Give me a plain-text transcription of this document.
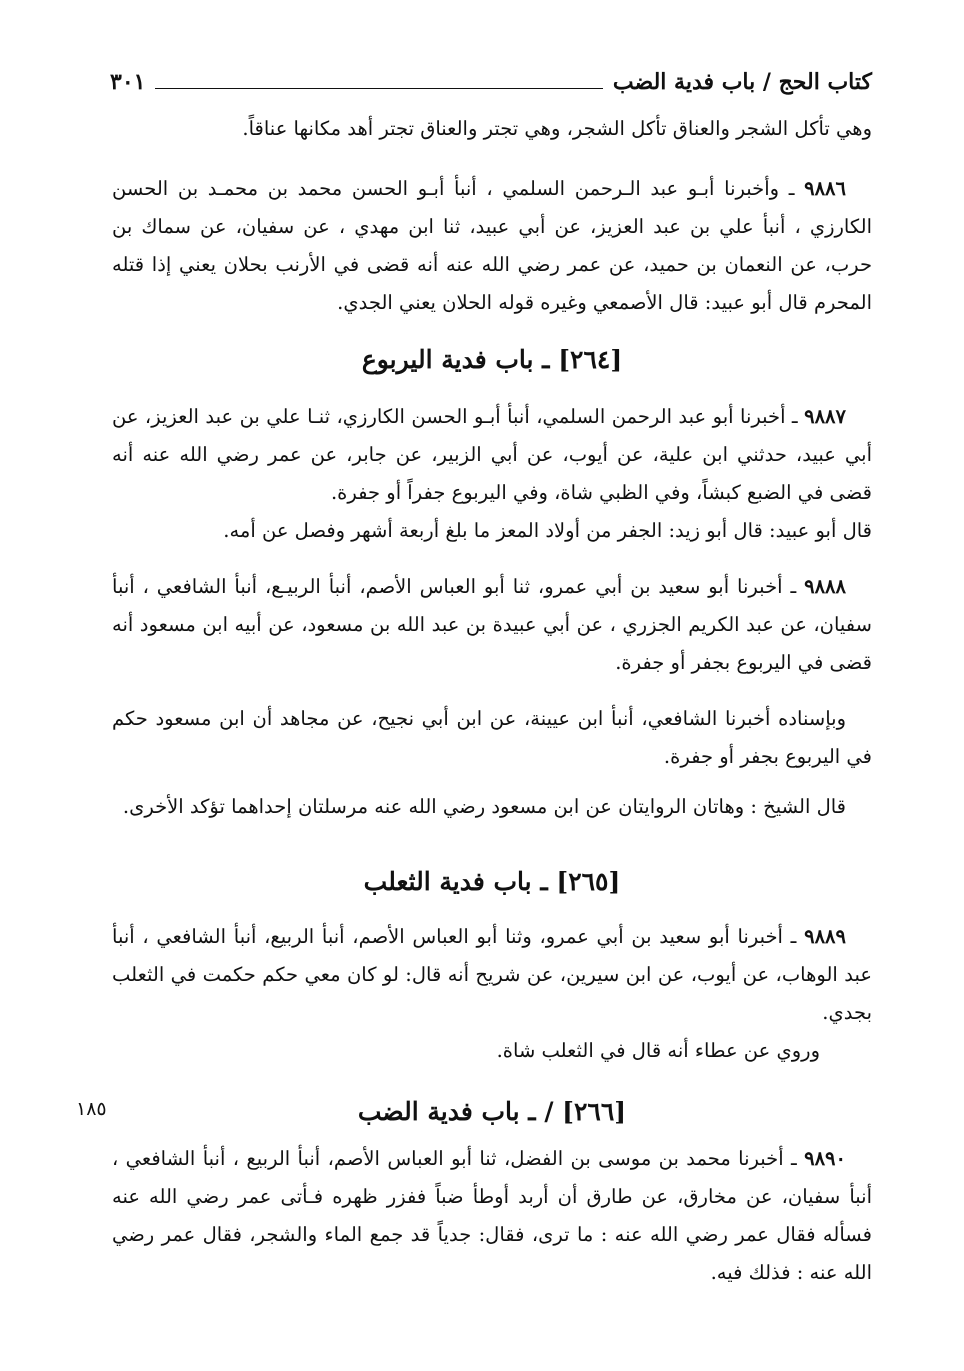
كتاب الحج / باب فدية الضب
٣٠١

وهي تأكل الشجر والعناق تأكل الشجر، وهي تجتر والعناق تجتر أهد مكانها عناقاً.

٩٨٨٦ ـ وأخبرنا أبـو عبد الـرحمن السلمي ، أنبأ أبـو الحسن محمد بن محمـد بن الحسن الكارزي ، أنبأ علي بن عبد العزيز، عن أبي عبيد، ثنا ابن مهدي ، عن سفيان، عن سماك بن حرب، عن النعمان بن حميد، عن عمر رضي الله عنه أنه قضى في الأرنب بحلان يعني إذا قتله المحرم قال أبو عبيد: قال الأصمعي وغيره قوله الحلان يعني الجدي.

[٢٦٤] ـ باب فدية اليربوع

٩٨٨٧ ـ أخبرنا أبو عبد الرحمن السلمي، أنبأ أبـو الحسن الكارزي، ثنـا علي بن عبد العزيز، عن أبي عبيد، حدثني ابن علية، عن أيوب، عن أبي الزبير، عن جابر، عن عمر رضي الله عنه أنه قضى في الضبع كبشاً، وفي الظبي شاة، وفي اليربوع جفراً أو جفرة.

قال أبو عبيد: قال أبو زيد: الجفر من أولاد المعز ما بلغ أربعة أشهر وفصل عن أمه.

٩٨٨٨ ـ أخبرنا أبو سعيد بن أبي عمرو، ثنا أبو العباس الأصم، أنبأ الربيـع، أنبأ الشافعي ، أنبأ سفيان، عن عبد الكريم الجزري ، عن أبي عبيدة بن عبد الله بن مسعود، عن أبيه ابن مسعود أنه قضى في اليربوع بجفر أو جفرة.

وبإسناده أخبرنا الشافعي، أنبأ ابن عيينة، عن ابن أبي نجيح، عن مجاهد أن ابن مسعود حكم في اليربوع بجفر أو جفرة.

قال الشيخ : وهاتان الروايتان عن ابن مسعود رضي الله عنه مرسلتان إحداهما تؤكد الأخرى.

[٢٦٥] ـ باب فدية الثعلب

٩٨٨٩ ـ أخبرنا أبو سعيد بن أبي عمرو، وثنا أبو العباس الأصم، أنبأ الربيع، أنبأ الشافعي ، أنبأ عبد الوهاب، عن أيوب، عن ابن سيرين، عن شريح أنه قال: لو كان معي حكم حكمت في الثعلب بجدي.

وروي عن عطاء أنه قال في الثعلب شاة.

[٢٦٦] / ـ باب فدية الضب
١٨٥

٩٨٩٠ ـ أخبرنا محمد بن موسى بن الفضل، ثنا أبو العباس الأصم، أنبأ الربيع ، أنبأ الشافعي ، أنبأ سفيان، عن مخارق، عن طارق أن أربد أوطأ ضباً ففزر ظهره فـأتى عمر رضي الله عنه فسأله فقال عمر رضي الله عنه : ما ترى، فقال: جدياً قد جمع الماء والشجر، فقال عمر رضي الله عنه : فذلك فيه.
